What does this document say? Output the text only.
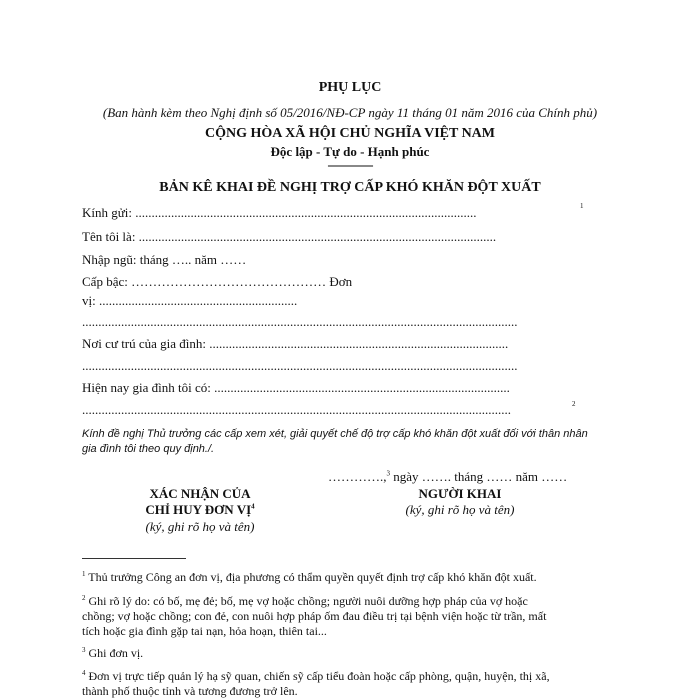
PHỤ LỤC
(Ban hành kèm theo Nghị định số 05/2016/NĐ-CP ngày 11 tháng 01 năm 2016 của Chính phủ)
CỘNG HÒA XÃ HỘI CHỦ NGHĨA VIỆT NAM
Độc lập - Tự do - Hạnh phúc
---------------
BẢN KÊ KHAI ĐỀ NGHỊ TRỢ CẤP KHÓ KHĂN ĐỘT XUẤT
Kính gửi: .........................................................................................................	$^1$
Tên tôi là: ..............................................................................................................
Nhập ngũ: tháng ….. năm ……
Cấp bậc: ……………………………………… Đơn
vị: .............................................................
......................................................................................................................................
Nơi cư trú của gia đình: ............................................................................................
......................................................................................................................................
Hiện nay gia đình tôi có: ...........................................................................................
....................................................................................................................................	$^2$
Kính đề nghị Thủ trưởng các cấp xem xét, giải quyết chế độ trợ cấp khó khăn đột xuất đối với thân nhân
gia đình tôi theo quy định./.
………….,$^3$ ngày ……. tháng …… năm ……
XÁC NHẬN CỦA
CHỈ HUY ĐƠN VỊ$^4$
(ký, ghi rõ họ và tên)
NGƯỜI KHAI
(ký, ghi rõ họ và tên)
$^1$ Thủ trưởng Công an đơn vị, địa phương có thẩm quyền quyết định trợ cấp khó khăn đột xuất.
$^2$ Ghi rõ lý do: có bố, mẹ đẻ; bố, mẹ vợ hoặc chồng; người nuôi dưỡng hợp pháp của vợ hoặc
chồng; vợ hoặc chồng; con đẻ, con nuôi hợp pháp ốm đau điều trị tại bệnh viện hoặc từ trần, mất
tích hoặc gia đình gặp tai nạn, hỏa hoạn, thiên tai...
$^3$ Ghi đơn vị.
$^4$ Đơn vị trực tiếp quản lý hạ sỹ quan, chiến sỹ cấp tiểu đoàn hoặc cấp phòng, quận, huyện, thị xã,
thành phố thuộc tỉnh và tương đương trở lên.
